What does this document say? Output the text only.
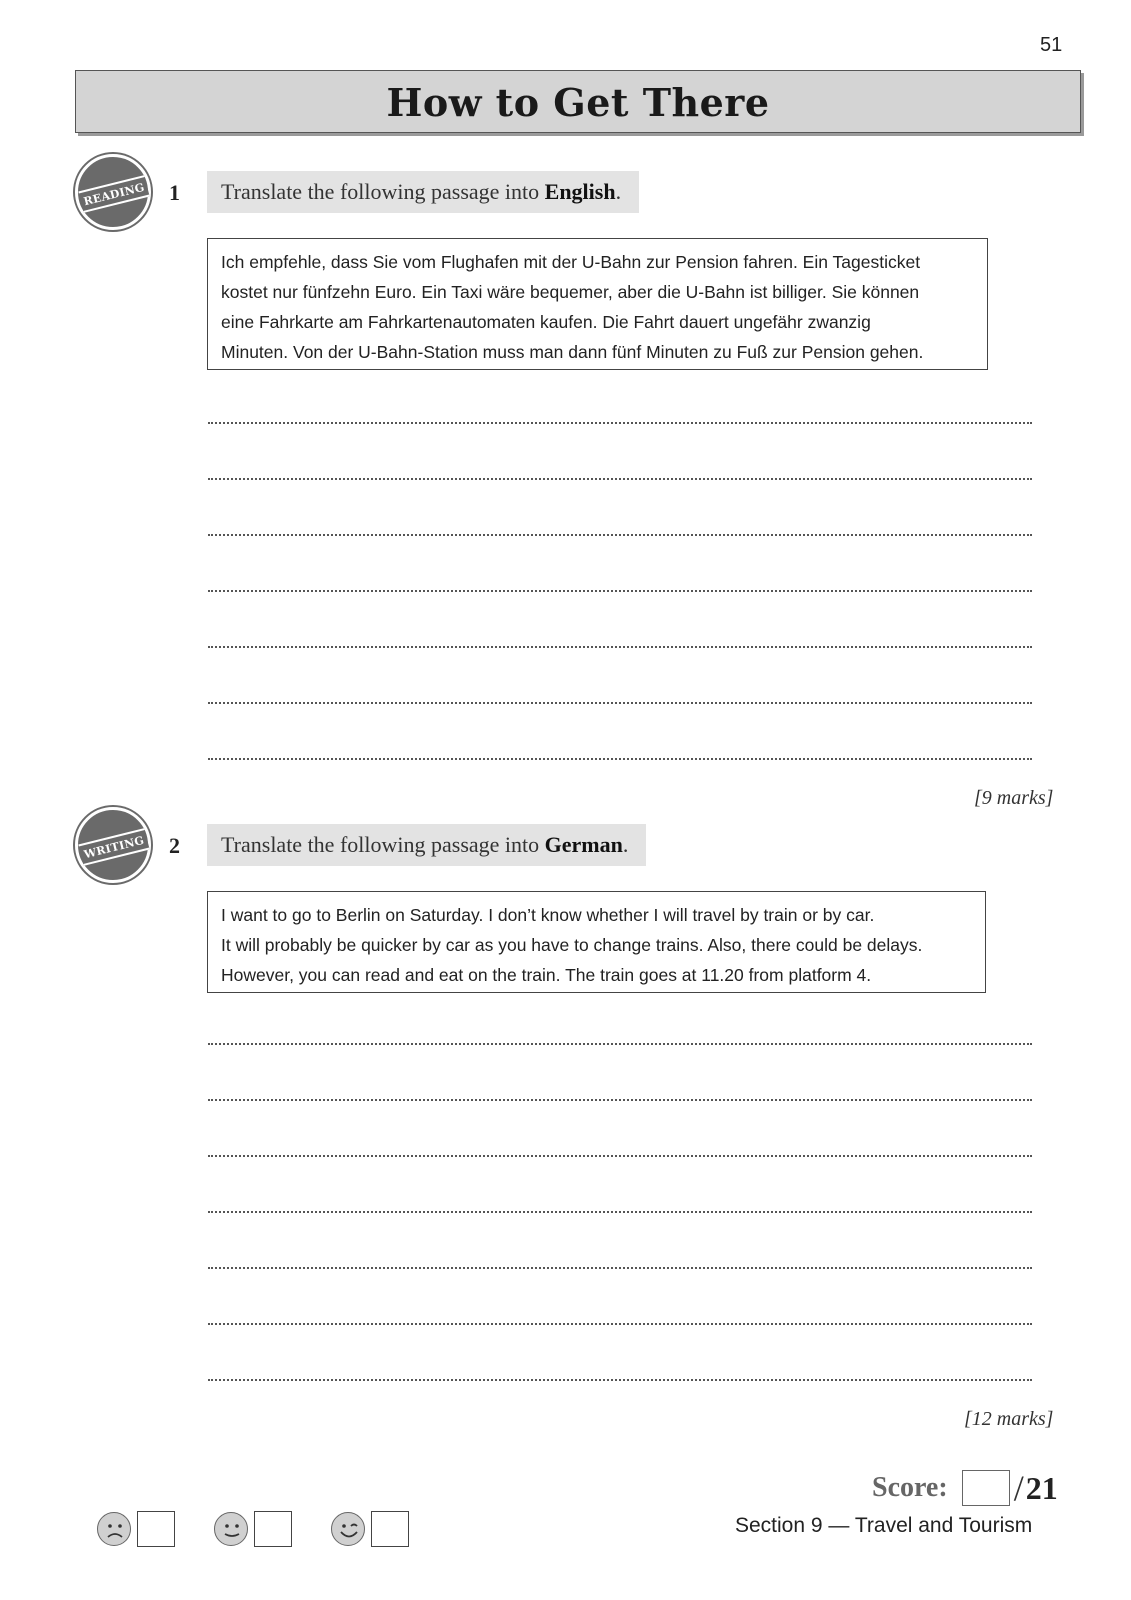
51
How to Get There
READING 1	Translate the following passage into English.
Ich empfehle, dass Sie vom Flughafen mit der U-Bahn zur Pension fahren. Ein Tagesticket
kostet nur fünfzehn Euro. Ein Taxi wäre bequemer, aber die U-Bahn ist billiger. Sie können
eine Fahrkarte am Fahrkartenautomaten kaufen. Die Fahrt dauert ungefähr zwanzig
Minuten. Von der U-Bahn-Station muss man dann fünf Minuten zu Fuß zur Pension gehen.
[9 marks]
WRITING 2	Translate the following passage into German.
I want to go to Berlin on Saturday. I don’t know whether I will travel by train or by car.
It will probably be quicker by car as you have to change trains. Also, there could be delays.
However, you can read and eat on the train. The train goes at 11.20 from platform 4.
[12 marks]
Score: / 21
Section 9 — Travel and Tourism
